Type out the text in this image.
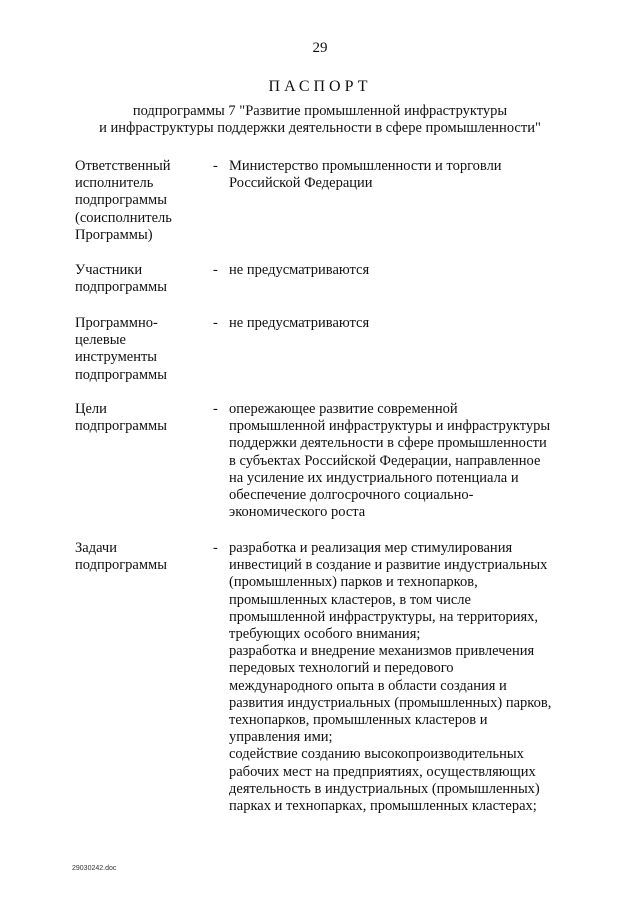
29
ПАСПОРТ
подпрограммы 7 "Развитие промышленной инфраструктуры
и инфраструктуры поддержки деятельности в сфере промышленности"
Ответственный
исполнитель
подпрограммы
(соисполнитель
Программы)
- Министерство промышленности и торговли
Российской Федерации
Участники
подпрограммы
- не предусматриваются
Программно-
целевые
инструменты
подпрограммы
- не предусматриваются
Цели
подпрограммы
- опережающее развитие современной
промышленной инфраструктуры и инфраструктуры
поддержки деятельности в сфере промышленности
в субъектах Российской Федерации, направленное
на усиление их индустриального потенциала и
обеспечение долгосрочного социально-
экономического роста
Задачи
подпрограммы
- разработка и реализация мер стимулирования
инвестиций в создание и развитие индустриальных
(промышленных) парков и технопарков,
промышленных кластеров, в том числе
промышленной инфраструктуры, на территориях,
требующих особого внимания;
разработка и внедрение механизмов привлечения
передовых технологий и передового
международного опыта в области создания и
развития индустриальных (промышленных) парков,
технопарков, промышленных кластеров и
управления ими;
содействие созданию высокопроизводительных
рабочих мест на предприятиях, осуществляющих
деятельность в индустриальных (промышленных)
парках и технопарках, промышленных кластерах;
29030242.doc
